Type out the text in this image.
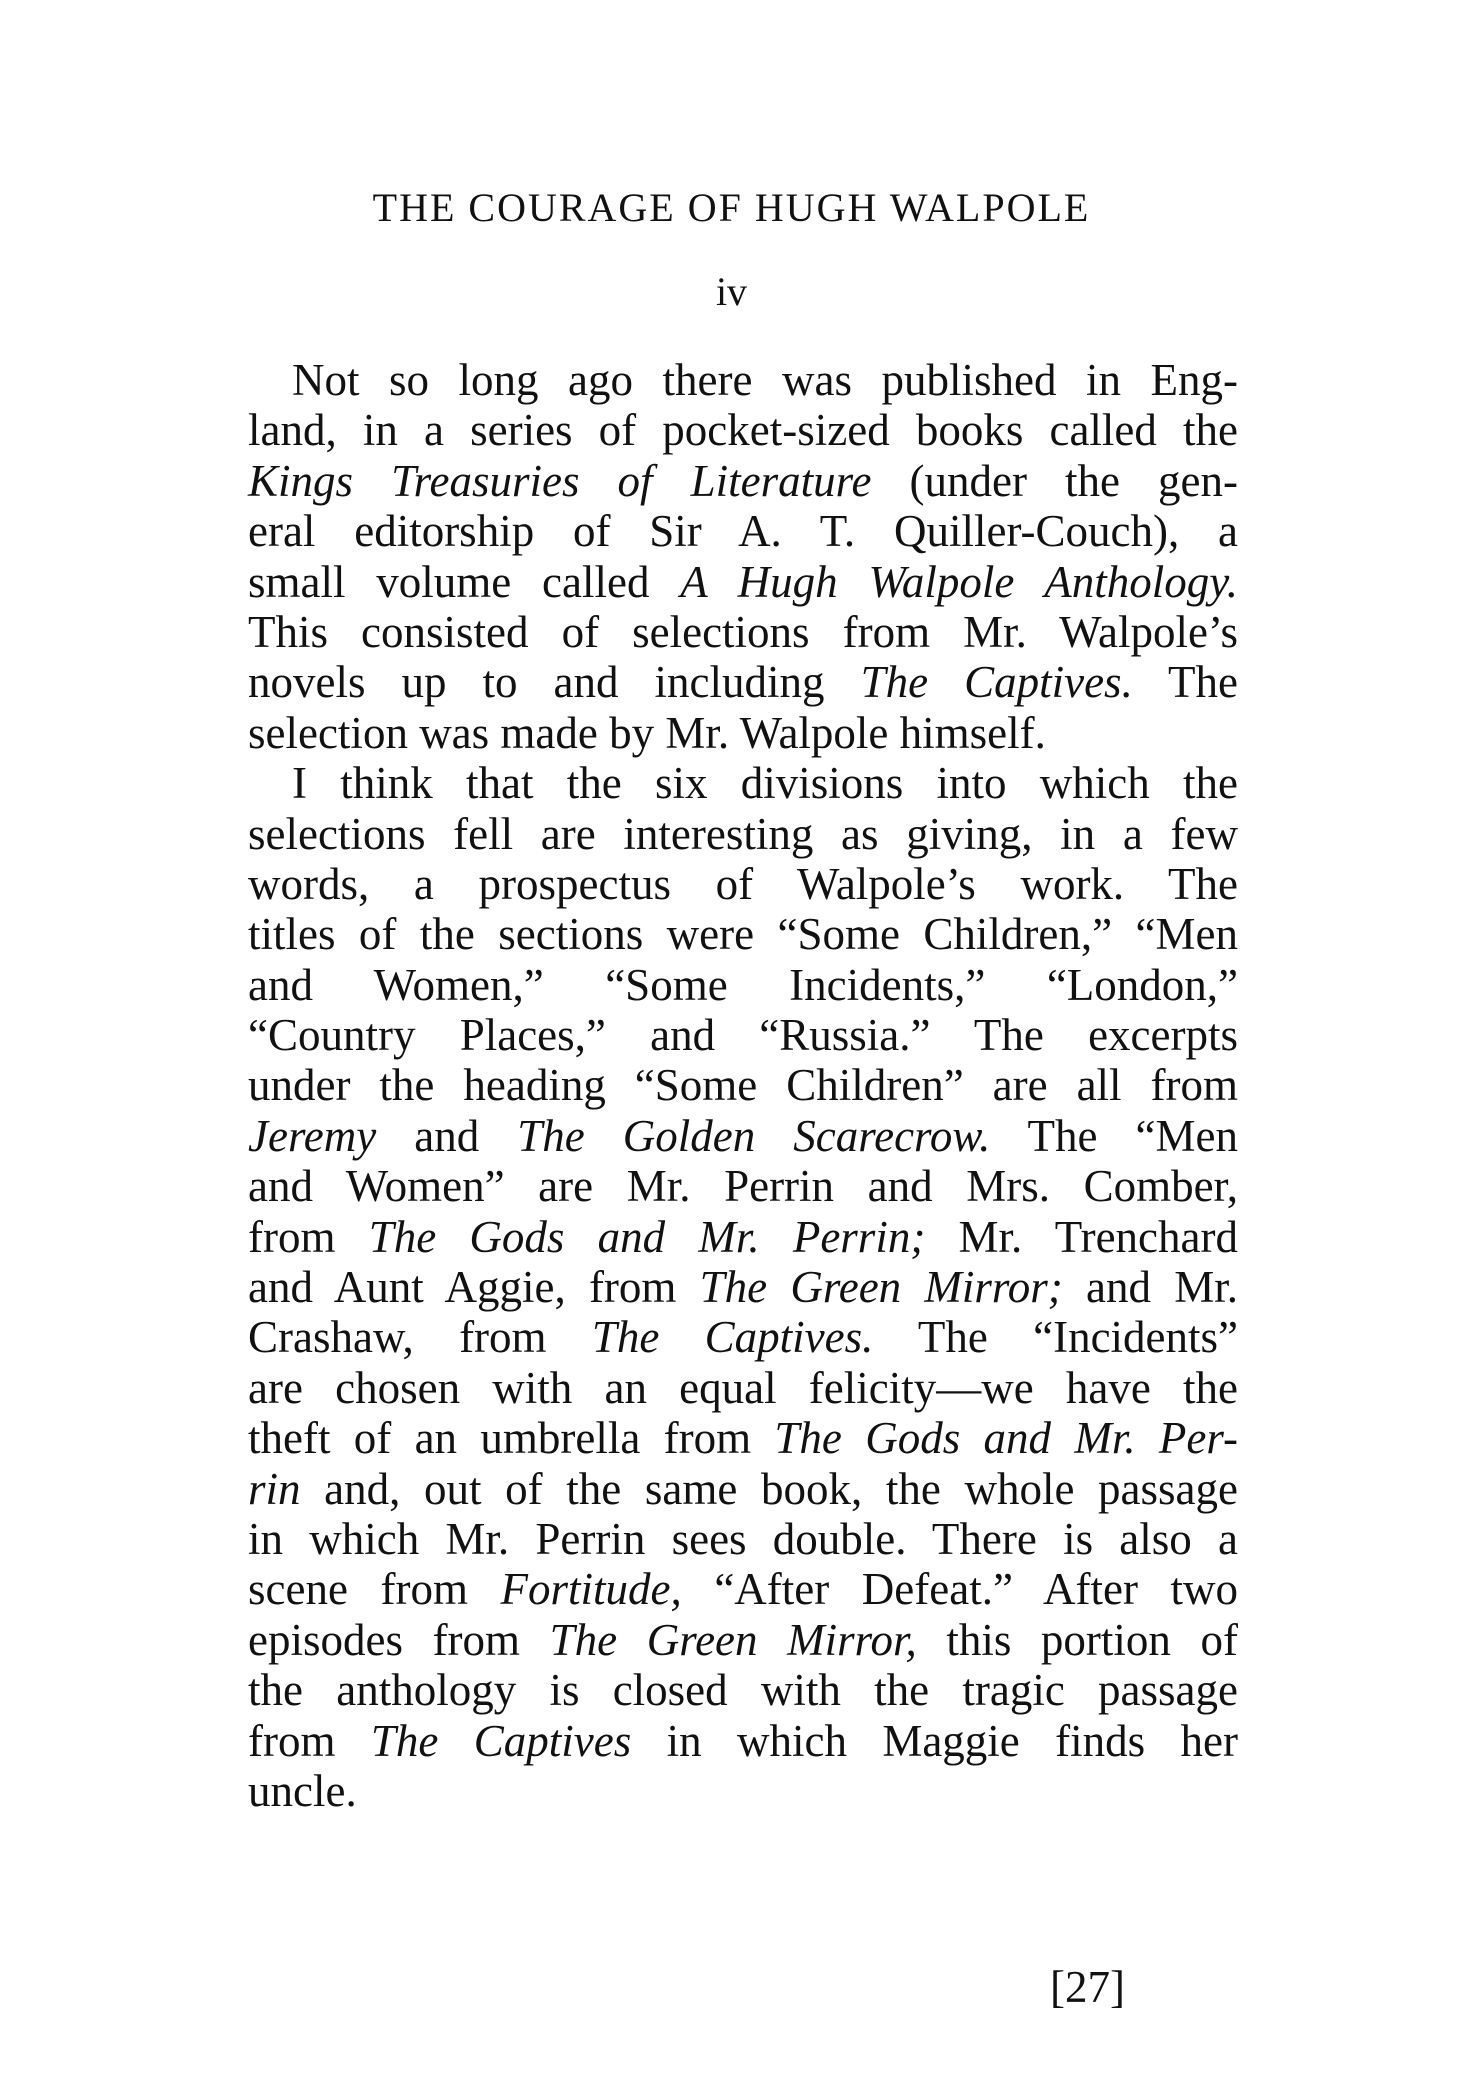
THE COURAGE OF HUGH WALPOLE
iv
Not so long ago there was published in Eng-
land, in a series of pocket-sized books called the
Kings Treasuries of Literature (under the gen-
eral editorship of Sir A. T. Quiller-Couch), a
small volume called A Hugh Walpole Anthology.
This consisted of selections from Mr. Walpole’s
novels up to and including The Captives. The
selection was made by Mr. Walpole himself.
I think that the six divisions into which the
selections fell are interesting as giving, in a few
words, a prospectus of Walpole’s work. The
titles of the sections were “Some Children,” “Men
and Women,” “Some Incidents,” “London,”
“Country Places,” and “Russia.” The excerpts
under the heading “Some Children” are all from
Jeremy and The Golden Scarecrow. The “Men
and Women” are Mr. Perrin and Mrs. Comber,
from The Gods and Mr. Perrin; Mr. Trenchard
and Aunt Aggie, from The Green Mirror; and Mr.
Crashaw, from The Captives. The “Incidents”
are chosen with an equal felicity—we have the
theft of an umbrella from The Gods and Mr. Per-
rin and, out of the same book, the whole passage
in which Mr. Perrin sees double. There is also a
scene from Fortitude, “After Defeat.” After two
episodes from The Green Mirror, this portion of
the anthology is closed with the tragic passage
from The Captives in which Maggie finds her
uncle.
[27]
